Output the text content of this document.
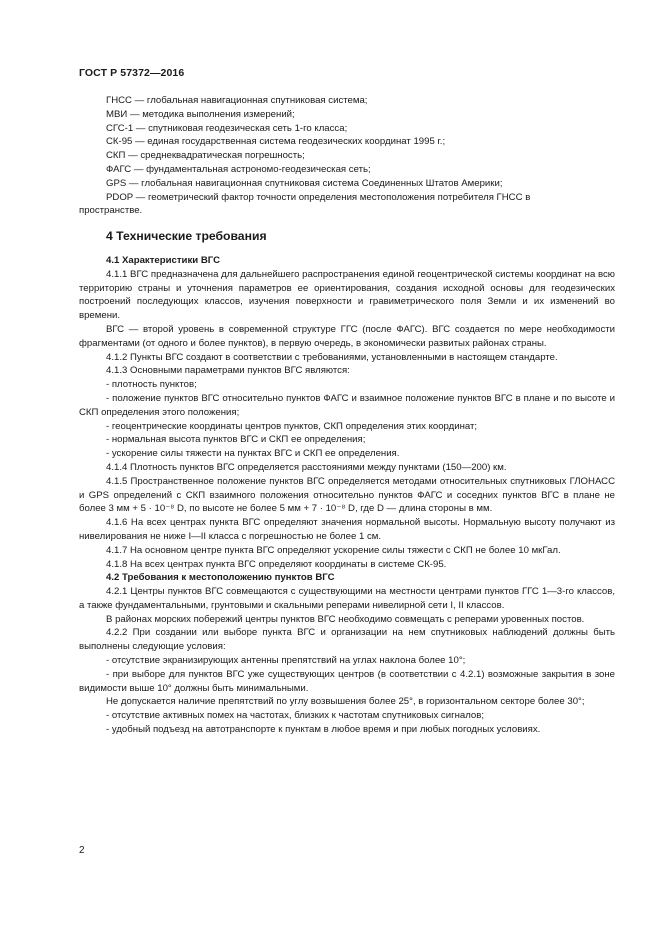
ГОСТ Р 57372—2016

ГНСС — глобальная навигационная спутниковая система;

МВИ — методика выполнения измерений;

СГС-1 — спутниковая геодезическая сеть 1-го класса;

СК-95 — единая государственная система геодезических координат 1995 г.;

СКП — среднеквадратическая погрешность;

ФАГС — фундаментальная астрономо-геодезическая сеть;

GPS — глобальная навигационная спутниковая система Соединенных Штатов Америки;

PDOP — геометрический фактор точности определения местоположения потребителя ГНСС в

пространстве.

4 Технические требования

4.1 Характеристики ВГС

4.1.1 ВГС предназначена для дальнейшего распространения единой геоцентрической системы координат на всю территорию страны и уточнения параметров ее ориентирования, создания исходной основы для геодезических построений последующих классов, изучения поверхности и гравиметрического поля Земли и их изменений во времени.

ВГС — второй уровень в современной структуре ГГС (после ФАГС). ВГС создается по мере необходимости фрагментами (от одного и более пунктов), в первую очередь, в экономически развитых районах страны.

4.1.2 Пункты ВГС создают в соответствии с требованиями, установленными в настоящем стандарте.

4.1.3 Основными параметрами пунктов ВГС являются:

- плотность пунктов;

- положение пунктов ВГС относительно пунктов ФАГС и взаимное положение пунктов ВГС в плане и по высоте и СКП определения этого положения;

- геоцентрические координаты центров пунктов, СКП определения этих координат;

- нормальная высота пунктов ВГС и СКП ее определения;

- ускорение силы тяжести на пунктах ВГС и СКП ее определения.

4.1.4 Плотность пунктов ВГС определяется расстояниями между пунктами (150—200) км.

4.1.5 Пространственное положение пунктов ВГС определяется методами относительных спутниковых ГЛОНАСС и GPS определений с СКП взаимного положения относительно пунктов ФАГС и соседних пунктов ВГС в плане не более 3 мм + 5 · 10⁻⁸ D, по высоте не более 5 мм + 7 · 10⁻⁸ D, где D — длина стороны в мм.

4.1.6 На всех центрах пункта ВГС определяют значения нормальной высоты. Нормальную высоту получают из нивелирования не ниже I—II класса с погрешностью не более 1 см.

4.1.7 На основном центре пункта ВГС определяют ускорение силы тяжести с СКП не более 10 мкГал.

4.1.8 На всех центрах пункта ВГС определяют координаты в системе СК-95.

4.2 Требования к местоположению пунктов ВГС

4.2.1 Центры пунктов ВГС совмещаются с существующими на местности центрами пунктов ГГС 1—3-го классов, а также фундаментальными, грунтовыми и скальными реперами нивелирной сети I, II классов.

В районах морских побережий центры пунктов ВГС необходимо совмещать с реперами уровенных постов.

4.2.2 При создании или выборе пункта ВГС и организации на нем спутниковых наблюдений должны быть выполнены следующие условия:

- отсутствие экранизирующих антенны препятствий на углах наклона более 10°;

- при выборе для пунктов ВГС уже существующих центров (в соответствии с 4.2.1) возможные закрытия в зоне видимости выше 10° должны быть минимальными.

Не допускается наличие препятствий по углу возвышения более 25°, в горизонтальном секторе более 30°;

- отсутствие активных помех на частотах, близких к частотам спутниковых сигналов;

- удобный подъезд на автотранспорте к пунктам в любое время и при любых погодных условиях.

2
